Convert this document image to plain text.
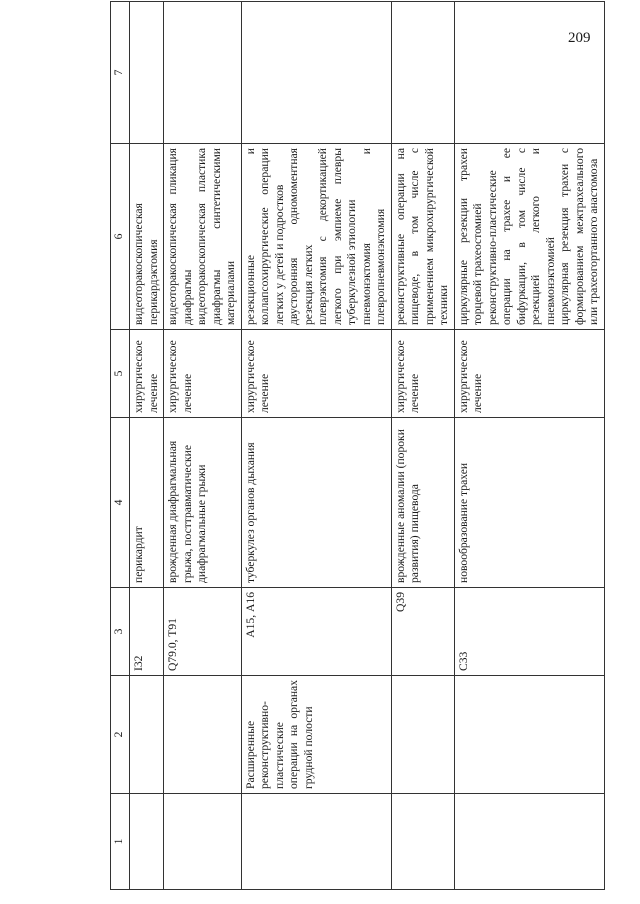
209
1	2	3	4	5	6	7
		I32	перикардит	хирургическое лечение	видеоторакоскопическая перикардэктомия	

		Q79.0, T91	врожденная диафрагмальная грыжа, посттравматические диафрагмальные грыжи	хирургическое лечение	видеоторакоскопическая пликация диафрагмы видеоторакоскопическая пластика диафрагмы синтетическими материалами	

	Расширенные реконструктивно-пластические операции на органах грудной полости	А15, А16	туберкулез органов дыхания	хирургическое лечение	резекционные и коллапсохирургические операции легких у детей и подростков двусторонняя одномоментная резекция легких плеврэктомия с декортикацией легкого при эмпиеме плевры туберкулезной этиологии пневмонэктомия и плевропневмонэктомия	

		Q39	врожденные аномалии (пороки развития) пищевода	хирургическое лечение	реконструктивные операции на пищеводе, в том числе с применением микрохирургической техники	

		С33	новообразование трахеи	хирургическое лечение	циркулярные резекции трахеи торцевой трахеостомией реконструктивно-пластические операции на трахее и ее бифуркации, в том числе с резекцией легкого и пневмонэктомией циркулярная резекция трахеи с формированием межтрахеального или трахеогортанного анастомоза	
